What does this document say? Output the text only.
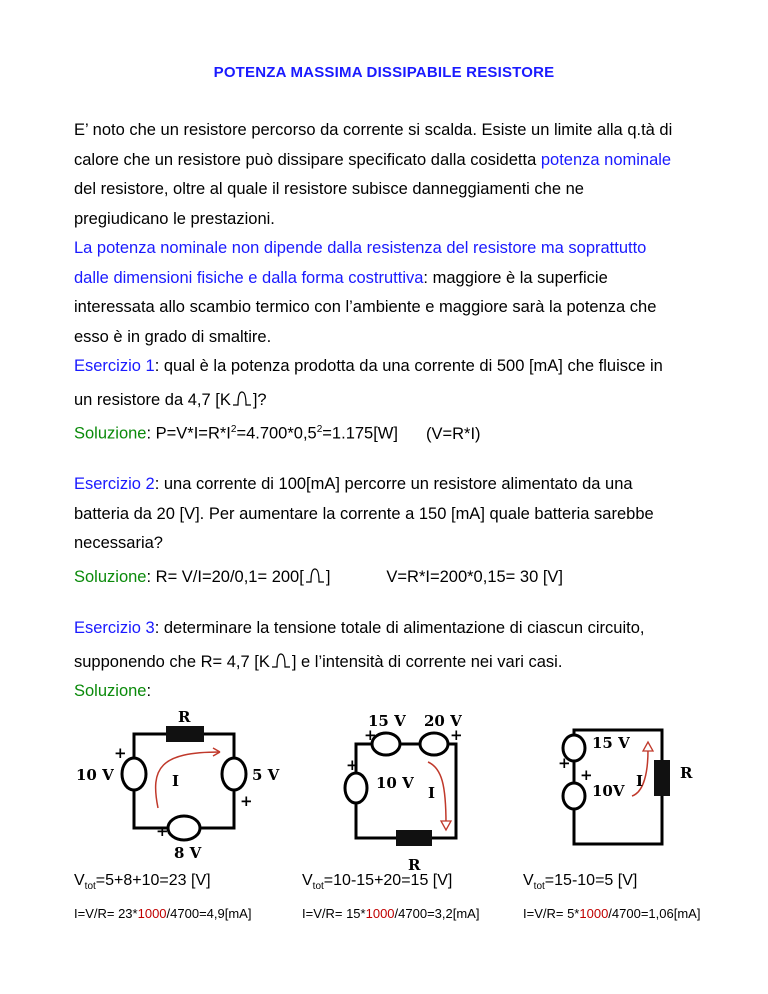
POTENZA MASSIMA DISSIPABILE RESISTORE
E’ noto che un resistore percorso da corrente si scalda. Esiste un limite alla q.tà di
calore che un resistore può dissipare specificato dalla cosidetta potenza nominale
del resistore, oltre al quale il resistore subisce danneggiamenti che ne
pregiudicano le prestazioni.
La potenza nominale non dipende dalla resistenza del resistore ma soprattutto
dalle dimensioni fisiche e dalla forma costruttiva: maggiore è la superficie
interessata allo scambio termico con l’ambiente e maggiore sarà la potenza che
esso è in grado di smaltire.
Esercizio 1: qual è la potenza prodotta da una corrente di 500 [mA] che fluisce in
un resistore da 4,7 [K ]?
Soluzione: $P=V*I=R*I^2=4.700*0,5^2=1.175[W]$ (V=R*I)
Esercizio 2: una corrente di 100[mA] percorre un resistore alimentato da una
batteria da 20 [V]. Per aumentare la corrente a 150 [mA] quale batteria sarebbe
necessaria?
Soluzione: R= V/I=20/0,1= 200[ ]	V=R*I=200*0,15= 30 [V]
Esercizio 3: determinare la tensione totale di alimentazione di ciascun circuito,
supponendo che R= 4,7 [K ] e l’intensità di corrente nei vari casi.
Soluzione:
R
10 V
+
5 V
+
8 V
+
I
15 V 20 V
+	+
+
10 V
R
I
15 V
10V
+
+	R
I
$V_{tot}=5+8+10=23$ [V]	$V_{tot}=10-15+20=15$ [V]	$V_{tot}=15-10=5$ [V]
I=V/R= 23*1000/4700=4,9[mA]	I=V/R= 15*1000/4700=3,2[mA]	I=V/R= 5*1000/4700=1,06[mA]
